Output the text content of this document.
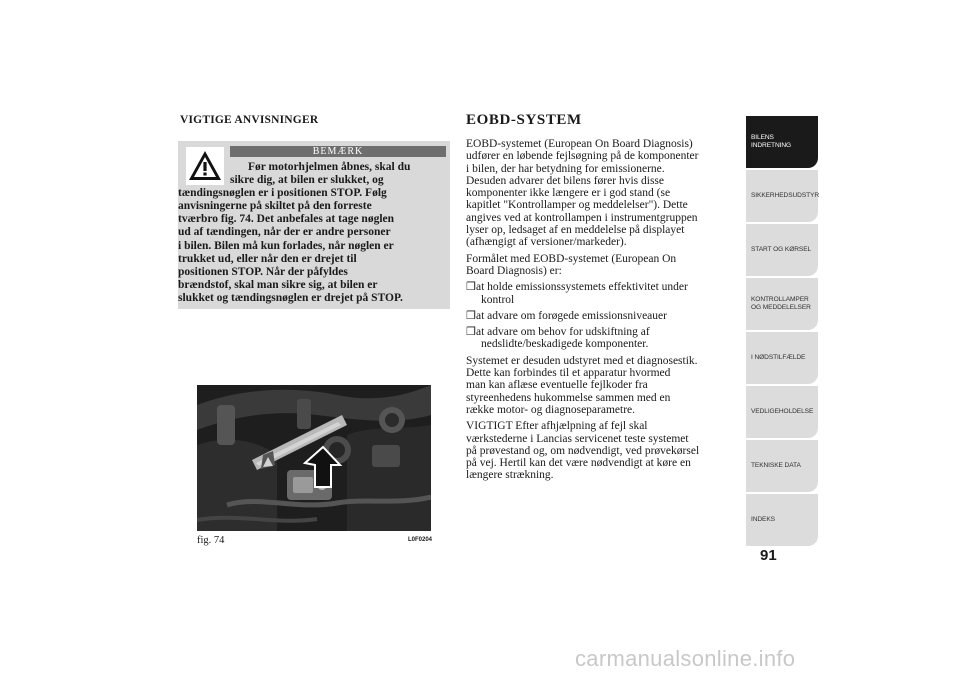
VIGTIGE ANVISNINGER
BEMÆRK
Før motorhjelmen åbnes, skal du
sikre dig, at bilen er slukket, og
tændingsnøglen er i positionen STOP. Følg
anvisningerne på skiltet på den forreste
tværbro fig. 74. Det anbefales at tage nøglen
ud af tændingen, når der er andre personer
i bilen. Bilen må kun forlades, når nøglen er
trukket ud, eller når den er drejet til
positionen STOP. Når der påfyldes
brændstof, skal man sikre sig, at bilen er
slukket og tændingsnøglen er drejet på STOP.
fig. 74	L0F0204
EOBD-SYSTEM

EOBD-systemet (European On Board Diagnosis)
udfører en løbende fejlsøgning på de komponenter
i bilen, der har betydning for emissionerne.
Desuden advarer det bilens fører hvis disse
komponenter ikke længere er i god stand (se
kapitlet "Kontrollamper og meddelelser"). Dette
angives ved at kontrollampen i instrumentgruppen
lyser op, ledsaget af en meddelelse på displayet
(afhængigt af versioner/markeder).

Formålet med EOBD-systemet (European On
Board Diagnosis) er:

❒at holde emissionssystemets effektivitet under
kontrol
❒at advare om forøgede emissionsniveauer
❒at advare om behov for udskiftning af
nedslidte/beskadigede komponenter.

Systemet er desuden udstyret med et diagnosestik.
Dette kan forbindes til et apparatur hvormed
man kan aflæse eventuelle fejlkoder fra
styreenhedens hukommelse sammen med en
række motor- og diagnoseparametre.

VIGTIGT Efter afhjælpning af fejl skal
værkstederne i Lancias servicenet teste systemet
på prøvestand og, om nødvendigt, ved prøvekørsel
på vej. Hertil kan det være nødvendigt at køre en
længere strækning.

BILENS
INDRETNING
SIKKERHEDSUDSTYR
START OG KØRSEL
KONTROLLAMPER
OG MEDDELELSER
I NØDSTILFÆLDE
VEDLIGEHOLDELSE
TEKNISKE DATA
INDEKS
91
carmanualsonline.info
